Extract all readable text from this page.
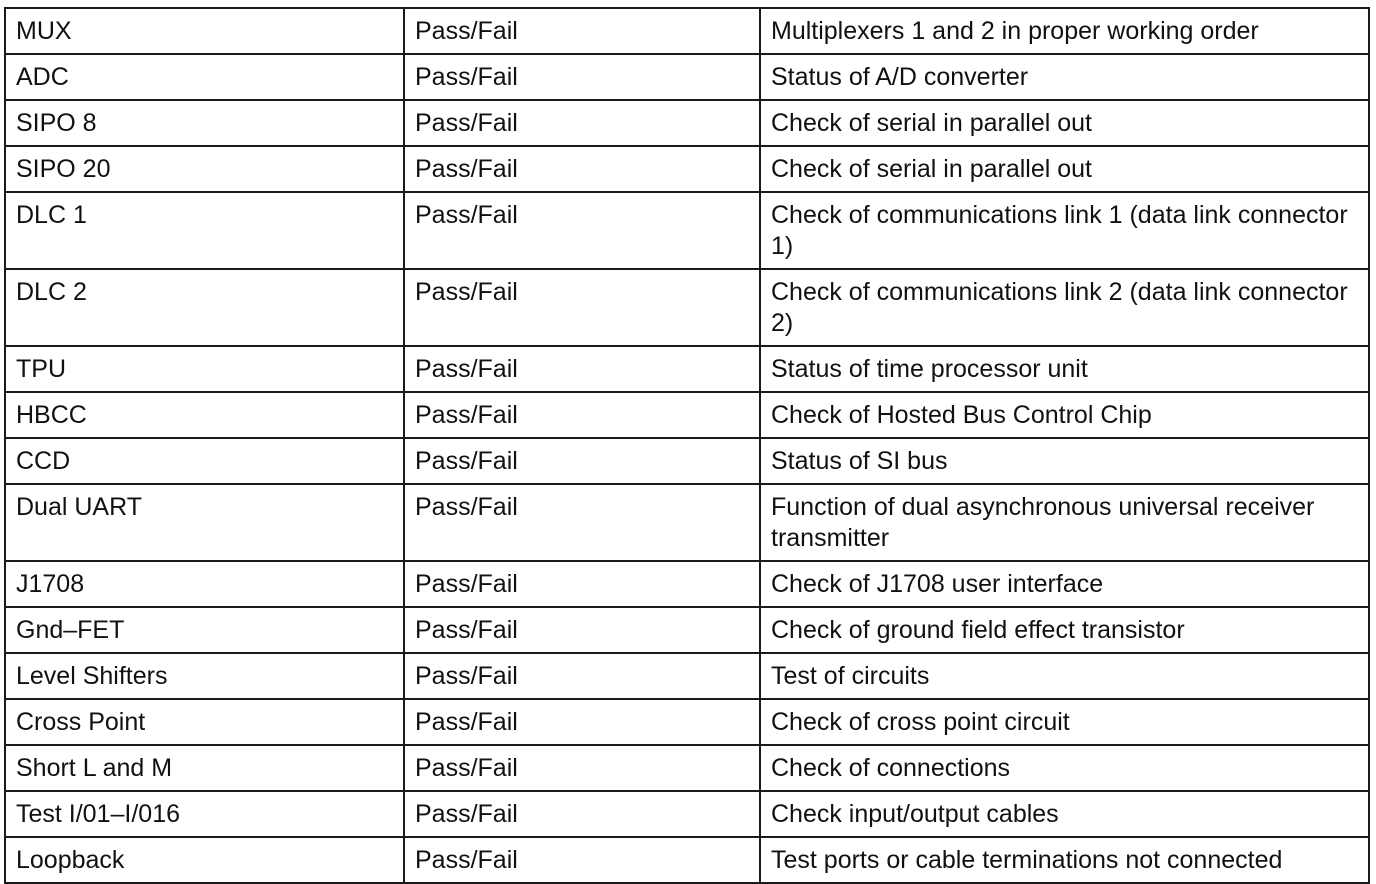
MUX	Pass/Fail	Multiplexers 1 and 2 in proper working order
ADC	Pass/Fail	Status of A/D converter
SIPO 8	Pass/Fail	Check of serial in parallel out
SIPO 20	Pass/Fail	Check of serial in parallel out
DLC 1	Pass/Fail	Check of communications link 1 (data link connector 1)
DLC 2	Pass/Fail	Check of communications link 2 (data link connector 2)
TPU	Pass/Fail	Status of time processor unit
HBCC	Pass/Fail	Check of Hosted Bus Control Chip
CCD	Pass/Fail	Status of SI bus
Dual UART	Pass/Fail	Function of dual asynchronous universal receiver transmitter
J1708	Pass/Fail	Check of J1708 user interface
Gnd–FET	Pass/Fail	Check of ground field effect transistor
Level Shifters	Pass/Fail	Test of circuits
Cross Point	Pass/Fail	Check of cross point circuit
Short L and M	Pass/Fail	Check of connections
Test I/01–I/016	Pass/Fail	Check input/output cables
Loopback	Pass/Fail	Test ports or cable terminations not connected
